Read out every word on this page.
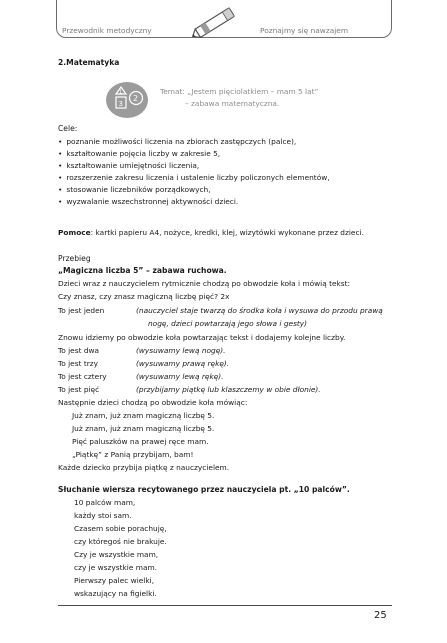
Przewodnik metodyczny	Poznajmy się nawzajem
2.Matematyka
1
3
2
Temat: „Jestem pięciolatkiem – mam 5 lat”
– zabawa matematyczna.
Cele:
• poznanie możliwości liczenia na zbiorach zastępczych (palce),
• kształtowanie pojęcia liczby w zakresie 5,
• kształtowanie umiejętności liczenia,
• rozszerzenie zakresu liczenia i ustalenie liczby policzonych elementów,
• stosowanie liczebników porządkowych,
• wyzwalanie wszechstronnej aktywności dzieci.
Pomoce: kartki papieru A4, nożyce, kredki, klej, wizytówki wykonane przez dzieci.
Przebieg
„Magiczna liczba 5” – zabawa ruchowa.
Dzieci wraz z nauczycielem rytmicznie chodzą po obwodzie koła i mówią tekst:
Czy znasz, czy znasz magiczną liczbę pięć? 2x
To jest jeden	(nauczyciel staje twarzą do środka koła i wysuwa do przodu prawą
nogę, dzieci powtarzają jego słowa i gesty)
Znowu idziemy po obwodzie koła powtarzając tekst i dodajemy kolejne liczby.
To jest dwa	(wysuwamy lewą nogę).
To jest trzy	(wysuwamy prawą rękę).
To jest cztery	(wysuwamy lewą rękę).
To jest pięć	(przybijamy piątkę lub klaszczemy w obie dłonie).
Następnie dzieci chodzą po obwodzie koła mówiąc:
Już znam, już znam magiczną liczbę 5.
Już znam, już znam magiczną liczbę 5.
Pięć paluszków na prawej ręce mam.
„Piątkę” z Panią przybijam, bam!
Każde dziecko przybija piątkę z nauczycielem.
Słuchanie wiersza recytowanego przez nauczyciela pt. „10 palców”.
10 palców mam,
każdy stoi sam.
Czasem sobie porachuję,
czy któregoś nie brakuje.
Czy je wszystkie mam,
czy je wszystkie mam.
Pierwszy palec wielki,
wskazujący na figielki.
25
